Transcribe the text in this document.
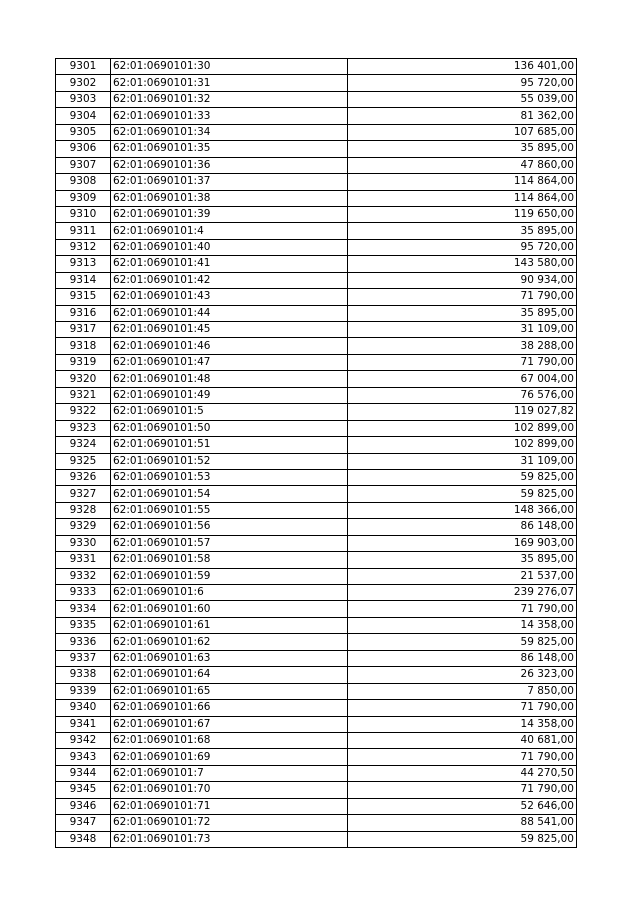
9301	62:01:0690101:30	136 401,00
9302	62:01:0690101:31	95 720,00
9303	62:01:0690101:32	55 039,00
9304	62:01:0690101:33	81 362,00
9305	62:01:0690101:34	107 685,00
9306	62:01:0690101:35	35 895,00
9307	62:01:0690101:36	47 860,00
9308	62:01:0690101:37	114 864,00
9309	62:01:0690101:38	114 864,00
9310	62:01:0690101:39	119 650,00
9311	62:01:0690101:4	35 895,00
9312	62:01:0690101:40	95 720,00
9313	62:01:0690101:41	143 580,00
9314	62:01:0690101:42	90 934,00
9315	62:01:0690101:43	71 790,00
9316	62:01:0690101:44	35 895,00
9317	62:01:0690101:45	31 109,00
9318	62:01:0690101:46	38 288,00
9319	62:01:0690101:47	71 790,00
9320	62:01:0690101:48	67 004,00
9321	62:01:0690101:49	76 576,00
9322	62:01:0690101:5	119 027,82
9323	62:01:0690101:50	102 899,00
9324	62:01:0690101:51	102 899,00
9325	62:01:0690101:52	31 109,00
9326	62:01:0690101:53	59 825,00
9327	62:01:0690101:54	59 825,00
9328	62:01:0690101:55	148 366,00
9329	62:01:0690101:56	86 148,00
9330	62:01:0690101:57	169 903,00
9331	62:01:0690101:58	35 895,00
9332	62:01:0690101:59	21 537,00
9333	62:01:0690101:6	239 276,07
9334	62:01:0690101:60	71 790,00
9335	62:01:0690101:61	14 358,00
9336	62:01:0690101:62	59 825,00
9337	62:01:0690101:63	86 148,00
9338	62:01:0690101:64	26 323,00
9339	62:01:0690101:65	7 850,00
9340	62:01:0690101:66	71 790,00
9341	62:01:0690101:67	14 358,00
9342	62:01:0690101:68	40 681,00
9343	62:01:0690101:69	71 790,00
9344	62:01:0690101:7	44 270,50
9345	62:01:0690101:70	71 790,00
9346	62:01:0690101:71	52 646,00
9347	62:01:0690101:72	88 541,00
9348	62:01:0690101:73	59 825,00
